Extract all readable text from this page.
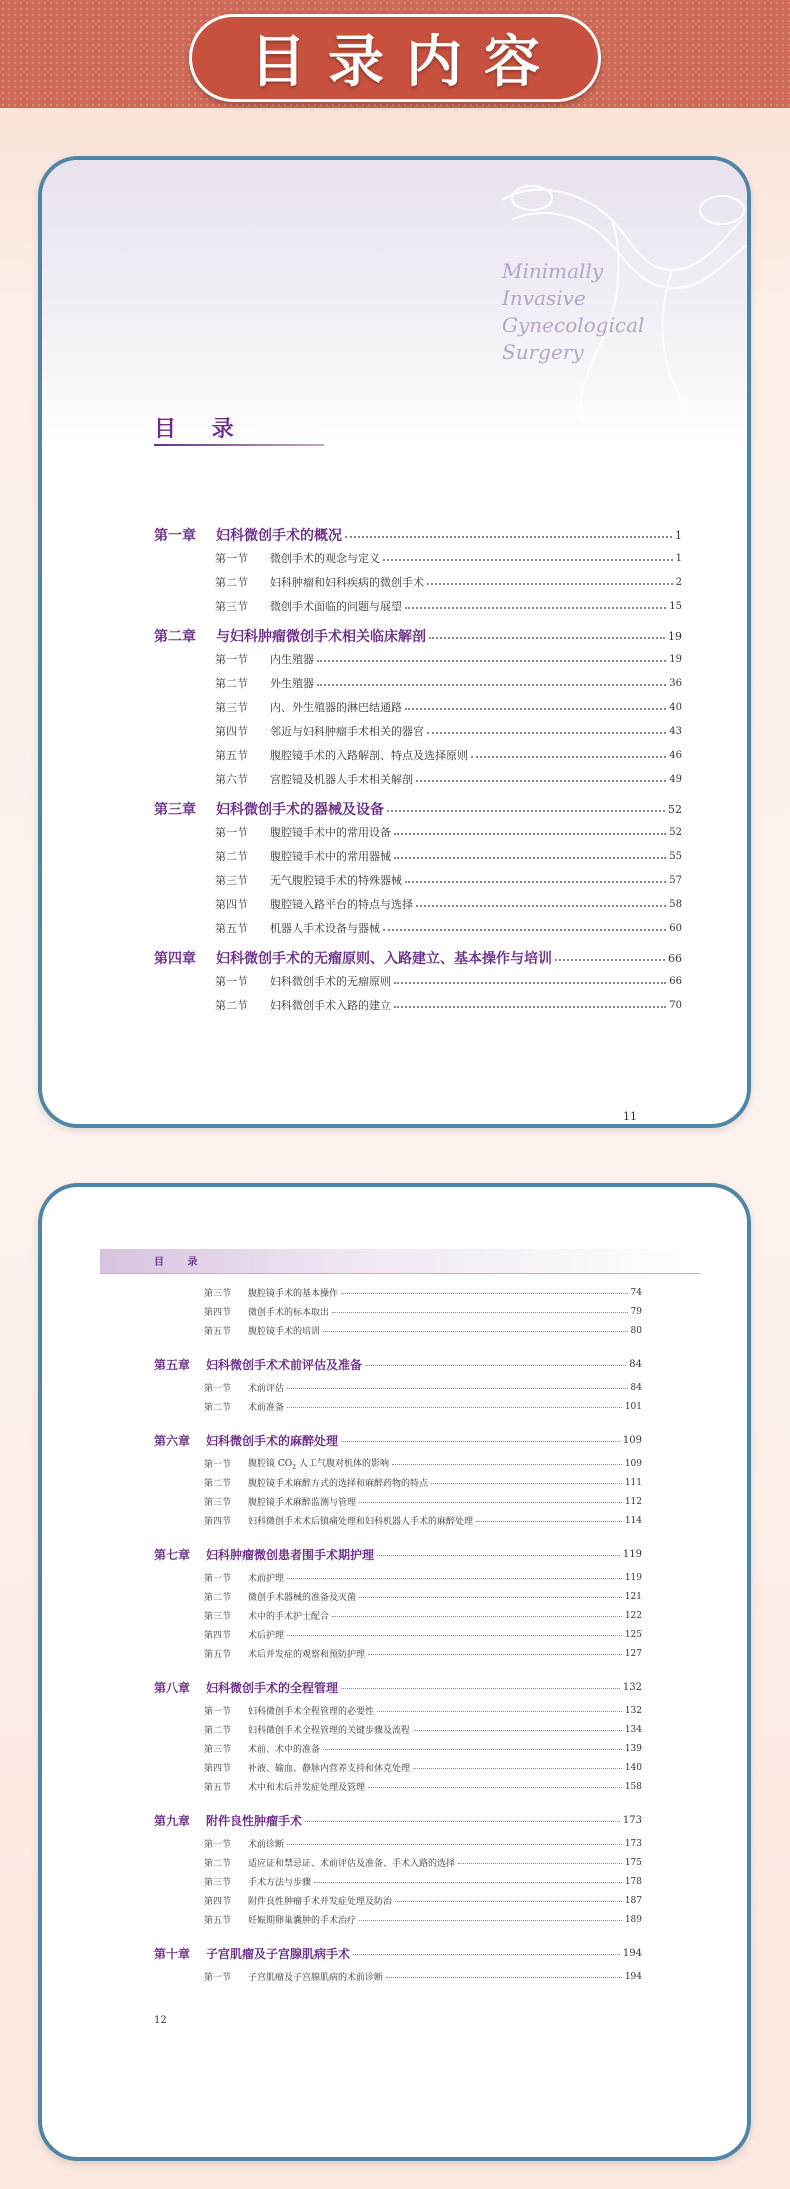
目录内容
Minimally
Invasive
Gynecological
Surgery
目 录
第一章	妇科微创手术的概况	1
第一节	微创手术的观念与定义	1
第二节	妇科肿瘤和妇科疾病的微创手术	2
第三节	微创手术面临的问题与展望	15
第二章	与妇科肿瘤微创手术相关临床解剖	19
第一节	内生殖器	19
第二节	外生殖器	36
第三节	内、外生殖器的淋巴结通路	40
第四节	邻近与妇科肿瘤手术相关的器官	43
第五节	腹腔镜手术的入路解剖、特点及选择原则	46
第六节	宫腔镜及机器人手术相关解剖	49
第三章	妇科微创手术的器械及设备	52
第一节	腹腔镜手术中的常用设备	52
第二节	腹腔镜手术中的常用器械	55
第三节	无气腹腔镜手术的特殊器械	57
第四节	腹腔镜入路平台的特点与选择	58
第五节	机器人手术设备与器械	60
第四章	妇科微创手术的无瘤原则、入路建立、基本操作与培训	66
第一节	妇科微创手术的无瘤原则	66
第二节	妇科微创手术入路的建立	70
11
目 录
第三节	腹腔镜手术的基本操作	74
第四节	微创手术的标本取出	79
第五节	腹腔镜手术的培训	80
第五章	妇科微创手术术前评估及准备	84
第一节	术前评估	84
第二节	术前准备	101
第六章	妇科微创手术的麻醉处理	109
第一节	腹腔镜 $CO_2$ 人工气腹对机体的影响	109
第二节	腹腔镜手术麻醉方式的选择和麻醉药物的特点	111
第三节	腹腔镜手术麻醉监测与管理	112
第四节	妇科微创手术术后镇痛处理和妇科机器人手术的麻醉处理	114
第七章	妇科肿瘤微创患者围手术期护理	119
第一节	术前护理	119
第二节	微创手术器械的准备及灭菌	121
第三节	术中的手术护士配合	122
第四节	术后护理	125
第五节	术后并发症的观察和预防护理	127
第八章	妇科微创手术的全程管理	132
第一节	妇科微创手术全程管理的必要性	132
第二节	妇科微创手术全程管理的关键步骤及流程	134
第三节	术前、术中的准备	139
第四节	补液、输血、静脉内营养支持和休克处理	140
第五节	术中和术后并发症处理及管理	158
第九章	附件良性肿瘤手术	173
第一节	术前诊断	173
第二节	适应证和禁忌证、术前评估及准备、手术入路的选择	175
第三节	手术方法与步骤	178
第四节	附件良性肿瘤手术并发症处理及防治	187
第五节	妊娠期卵巢囊肿的手术治疗	189
第十章	子宫肌瘤及子宫腺肌病手术	194
第一节	子宫肌瘤及子宫腺肌病的术前诊断	194
12
